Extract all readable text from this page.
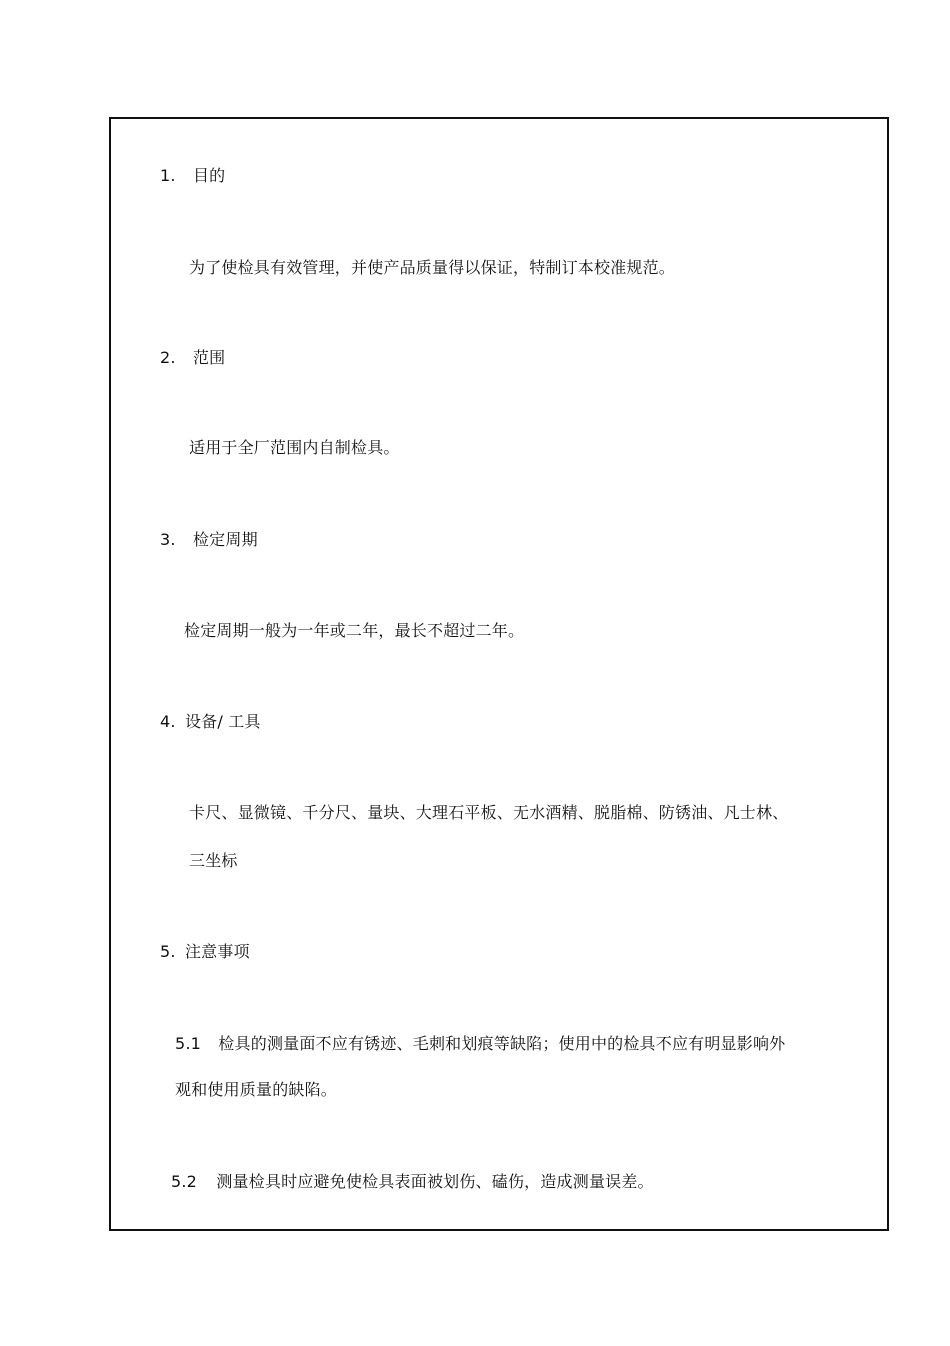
1. 目的
为了使检具有效管理，并使产品质量得以保证，特制订本校准规范。
2. 范围
适用于全厂范围内自制检具。
3. 检定周期
检定周期一般为一年或二年，最长不超过二年。
4. 设备/ 工具
卡尺、显微镜、千分尺、量块、大理石平板、无水酒精、脱脂棉、防锈油、凡士林、
三坐标
5. 注意事项
5.1 检具的测量面不应有锈迹、毛刺和划痕等缺陷；使用中的检具不应有明显影响外
观和使用质量的缺陷。
5.2 测量检具时应避免使检具表面被划伤、磕伤，造成测量误差。
